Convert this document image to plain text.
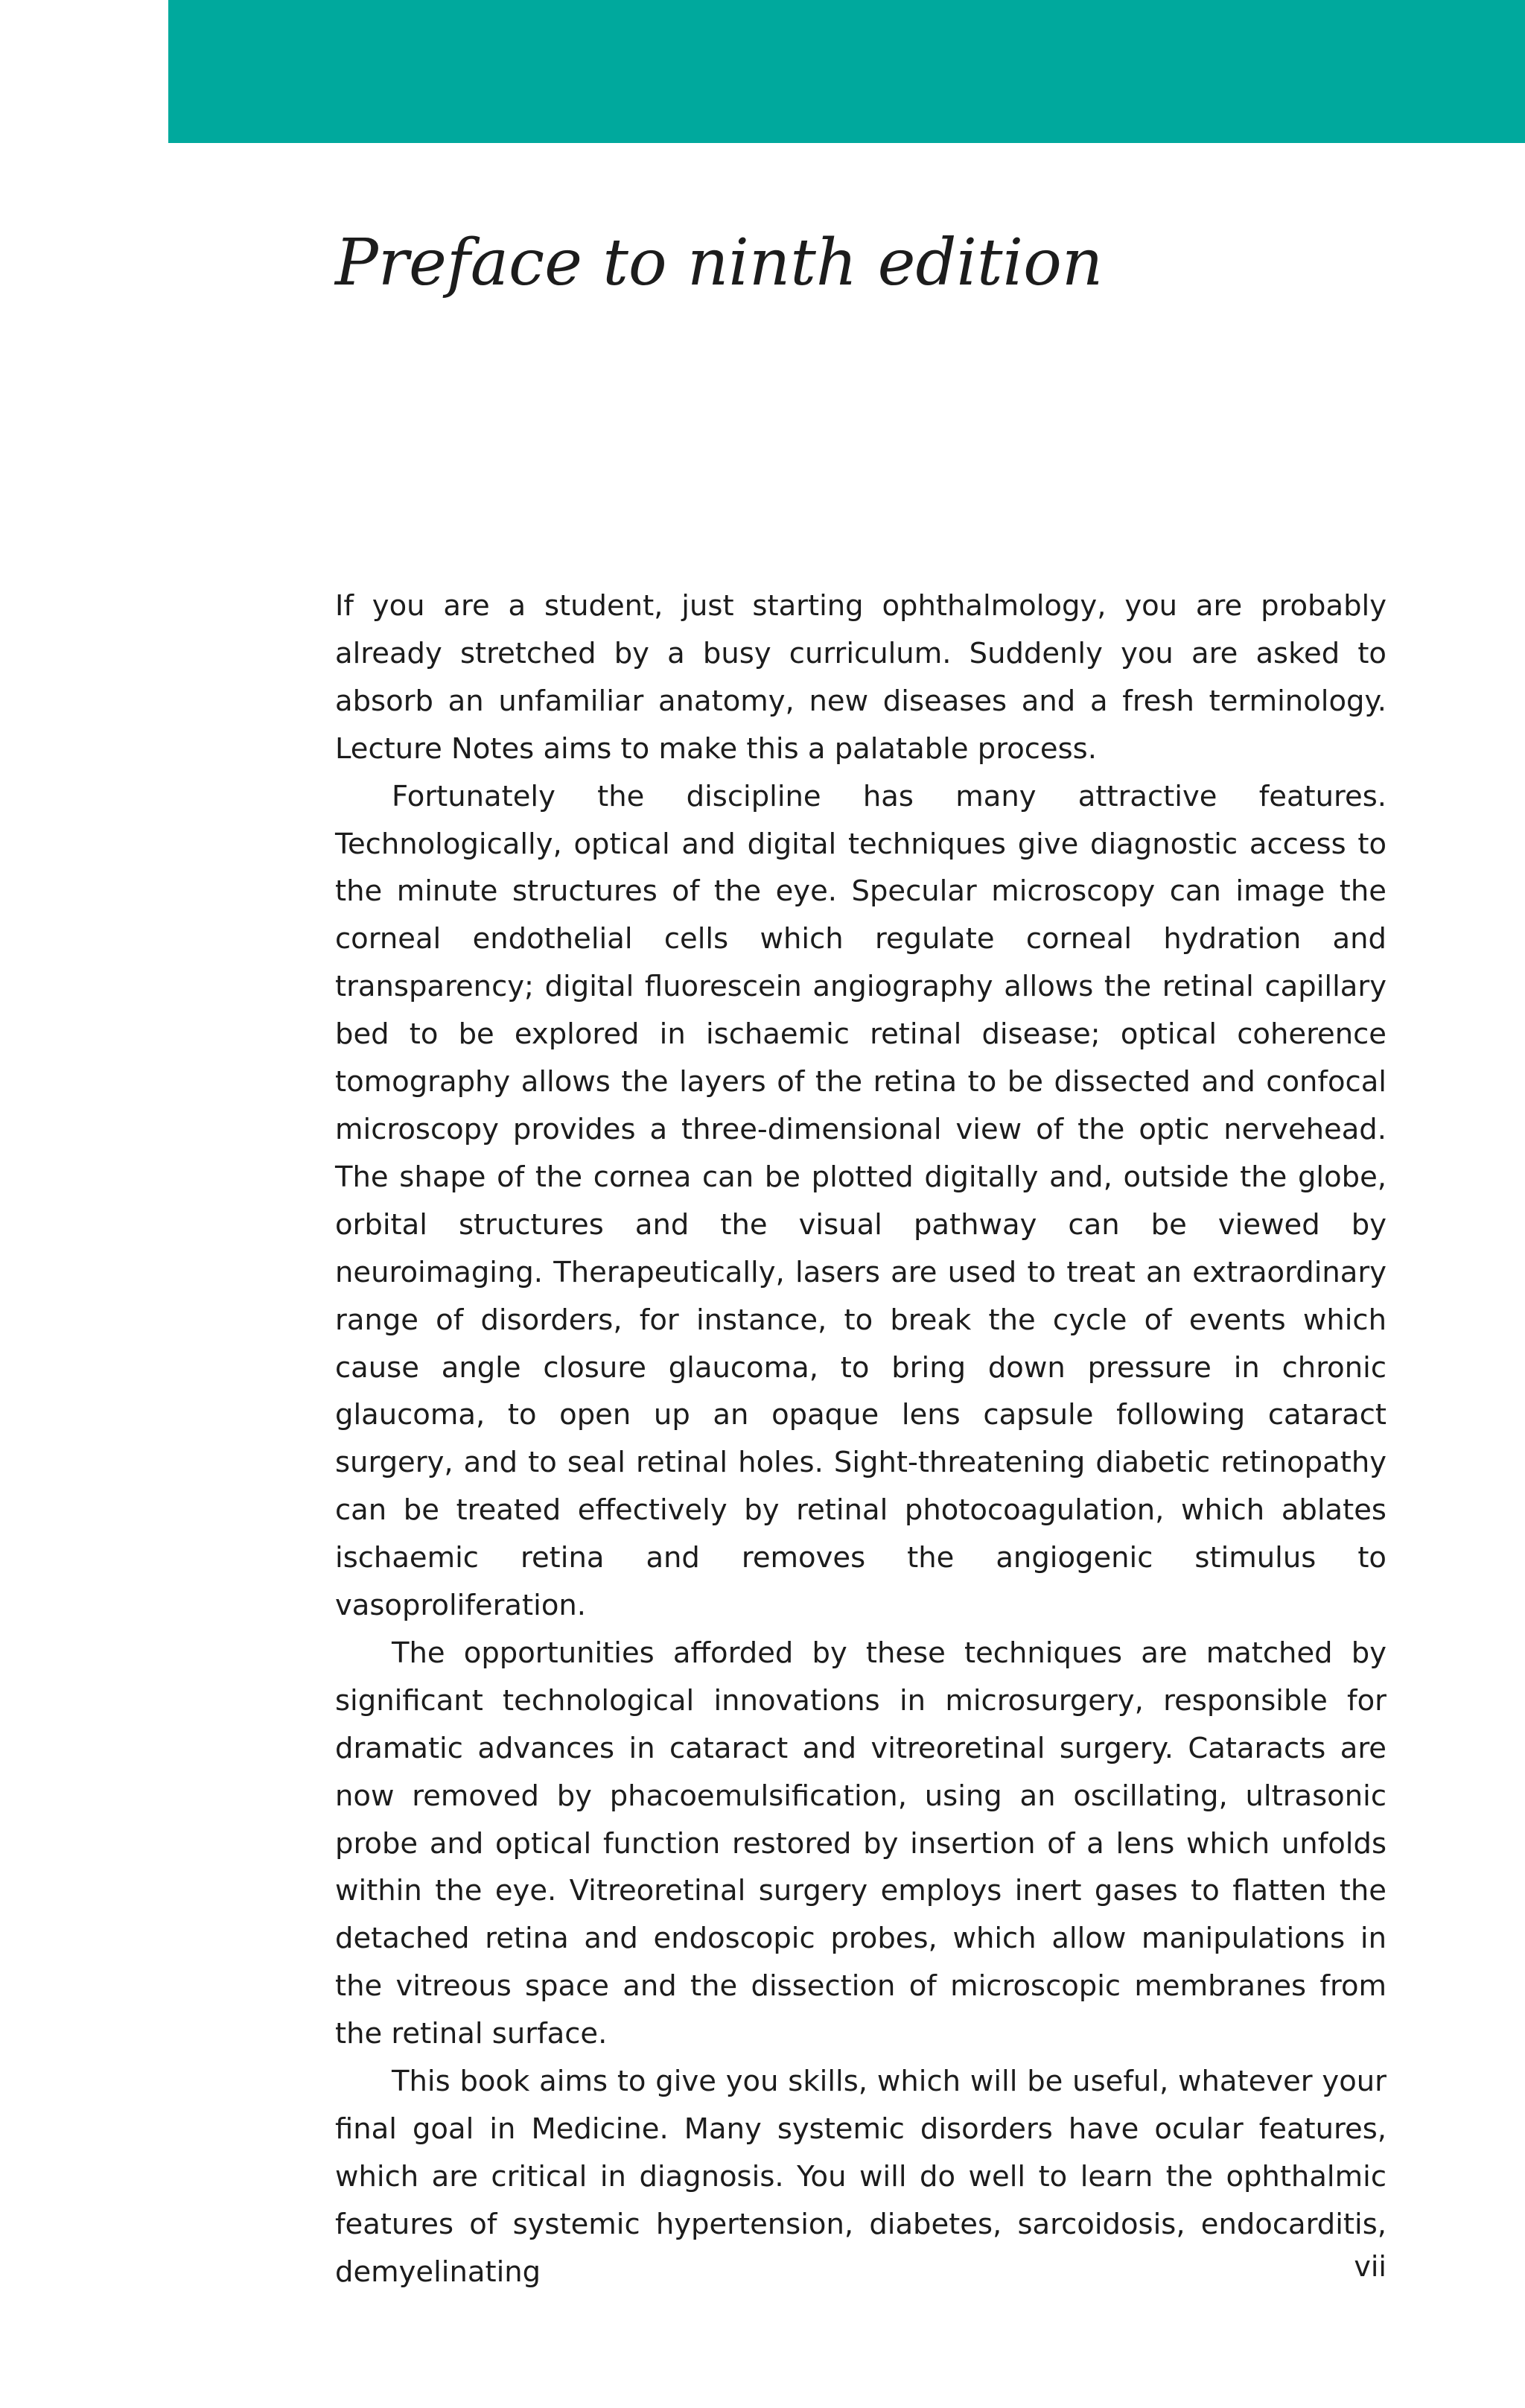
Preface to ninth edition

If you are a student, just starting ophthalmology, you are probably already stretched by a busy curriculum. Suddenly you are asked to absorb an unfamiliar anatomy, new diseases and a fresh terminology. Lecture Notes aims to make this a palatable process.

Fortunately the discipline has many attractive features. Technologically, optical and digital techniques give diagnostic access to the minute structures of the eye. Specular microscopy can image the corneal endothelial cells which regulate corneal hydration and transparency; digital fluorescein angiography allows the retinal capillary bed to be explored in ischaemic retinal disease; optical coherence tomography allows the layers of the retina to be dissected and confocal microscopy provides a three-dimensional view of the optic nervehead. The shape of the cornea can be plotted digitally and, outside the globe, orbital structures and the visual pathway can be viewed by neuroimaging. Therapeutically, lasers are used to treat an extraordinary range of disorders, for instance, to break the cycle of events which cause angle closure glaucoma, to bring down pressure in chronic glaucoma, to open up an opaque lens capsule following cataract surgery, and to seal retinal holes. Sight-threatening diabetic retinopathy can be treated effectively by retinal photocoagulation, which ablates ischaemic retina and removes the angiogenic stimulus to vasoproliferation.

The opportunities afforded by these techniques are matched by significant technological innovations in microsurgery, responsible for dramatic advances in cataract and vitreoretinal surgery. Cataracts are now removed by phacoemulsification, using an oscillating, ultrasonic probe and optical function restored by insertion of a lens which unfolds within the eye. Vitreoretinal surgery employs inert gases to flatten the detached retina and endoscopic probes, which allow manipulations in the vitreous space and the dissection of microscopic membranes from the retinal surface.

This book aims to give you skills, which will be useful, whatever your final goal in Medicine. Many systemic disorders have ocular features, which are critical in diagnosis. You will do well to learn the ophthalmic features of systemic hypertension, diabetes, sarcoidosis, endocarditis, demyelinating	vii
